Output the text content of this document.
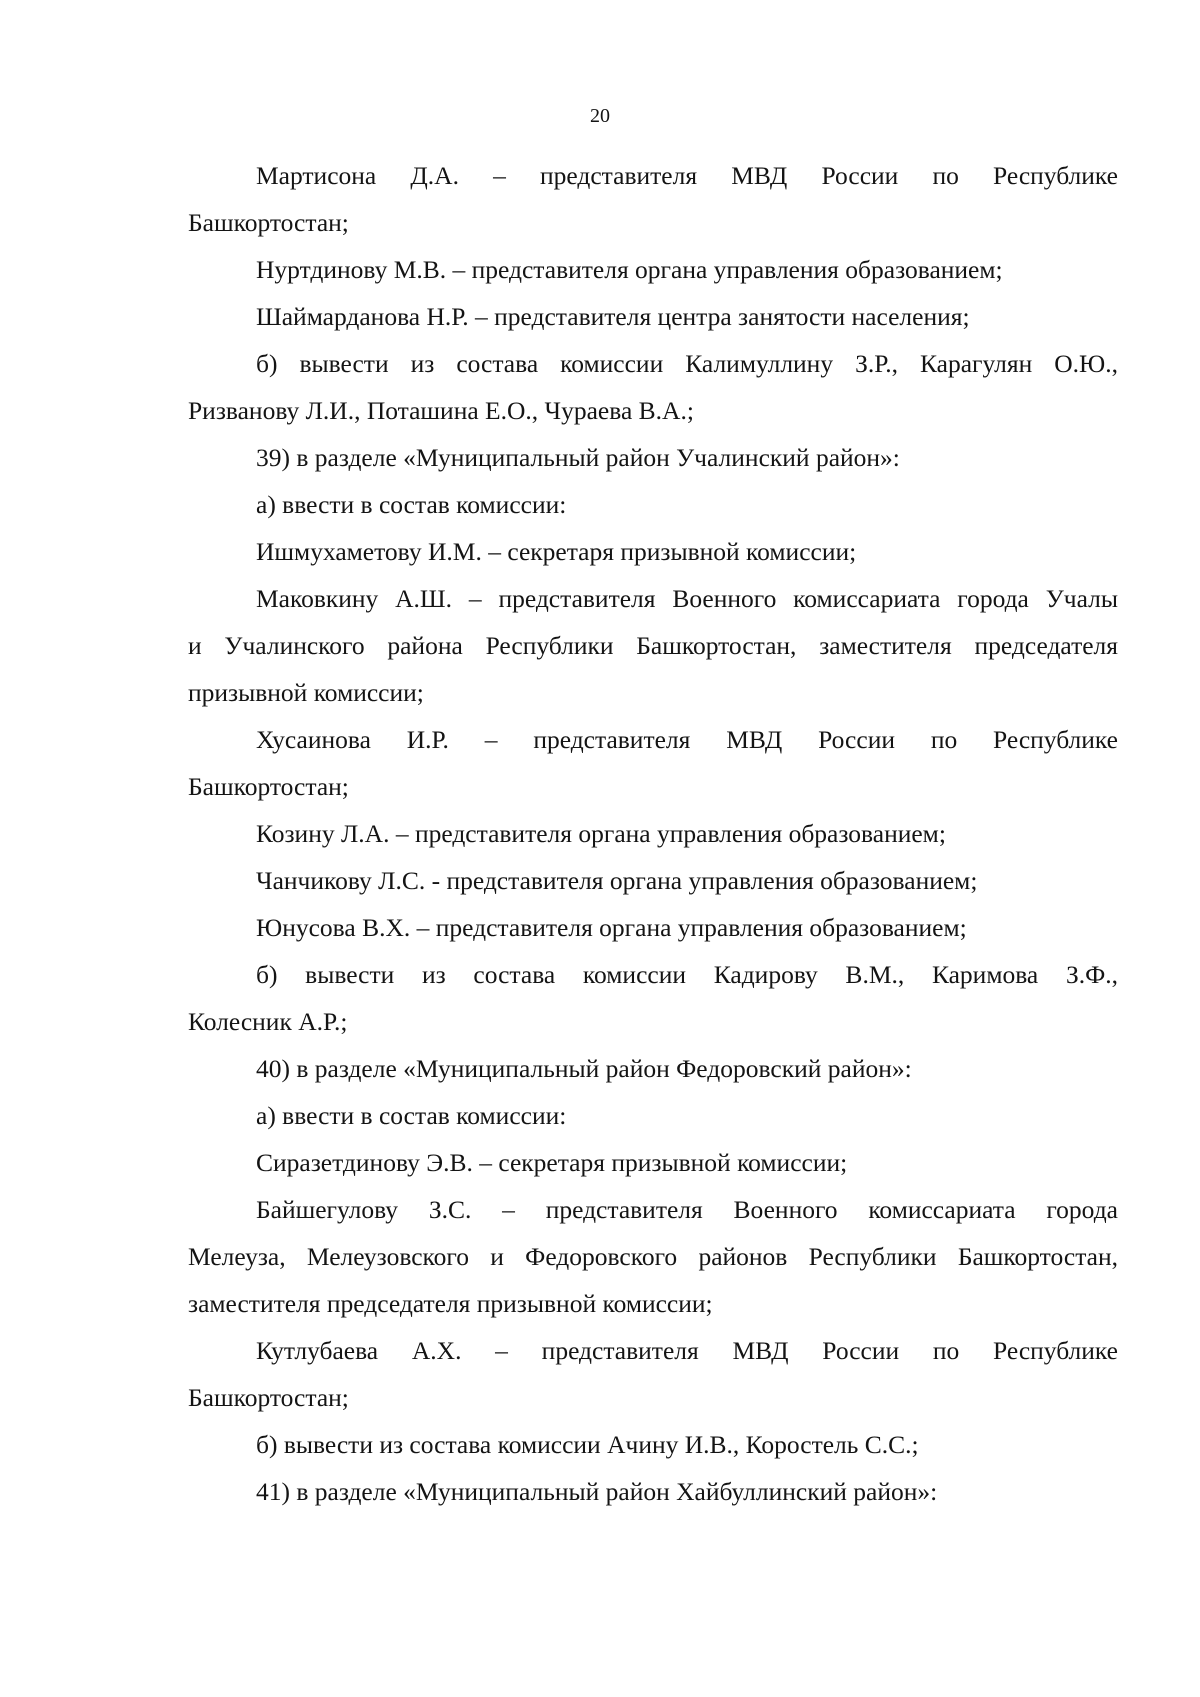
20

Мартисона Д.А. – представителя МВД России по Республике
Башкортостан;

Нуртдинову М.В. – представителя органа управления образованием;

Шаймарданова Н.Р. – представителя центра занятости населения;

б) вывести из состава комиссии Калимуллину З.Р., Карагулян О.Ю.,
Ризванову Л.И., Поташина Е.О., Чураева В.А.;

39) в разделе «Муниципальный район Учалинский район»:

а) ввести в состав комиссии:

Ишмухаметову И.М. – секретаря призывной комиссии;

Маковкину А.Ш. – представителя Военного комиссариата города Учалы
и Учалинского района Республики Башкортостан, заместителя председателя
призывной комиссии;

Хусаинова И.Р. – представителя МВД России по Республике
Башкортостан;

Козину Л.А. – представителя органа управления образованием;

Чанчикову Л.С. - представителя органа управления образованием;

Юнусова В.Х. – представителя органа управления образованием;

б) вывести из состава комиссии Кадирову В.М., Каримова З.Ф.,
Колесник А.Р.;

40) в разделе «Муниципальный район Федоровский район»:

а) ввести в состав комиссии:

Сиразетдинову Э.В. – секретаря призывной комиссии;

Байшегулову З.С. – представителя Военного комиссариата города
Мелеуза, Мелеузовского и Федоровского районов Республики Башкортостан,
заместителя председателя призывной комиссии;

Кутлубаева А.Х. – представителя МВД России по Республике
Башкортостан;

б) вывести из состава комиссии Ачину И.В., Коростель С.С.;

41) в разделе «Муниципальный район Хайбуллинский район»:
